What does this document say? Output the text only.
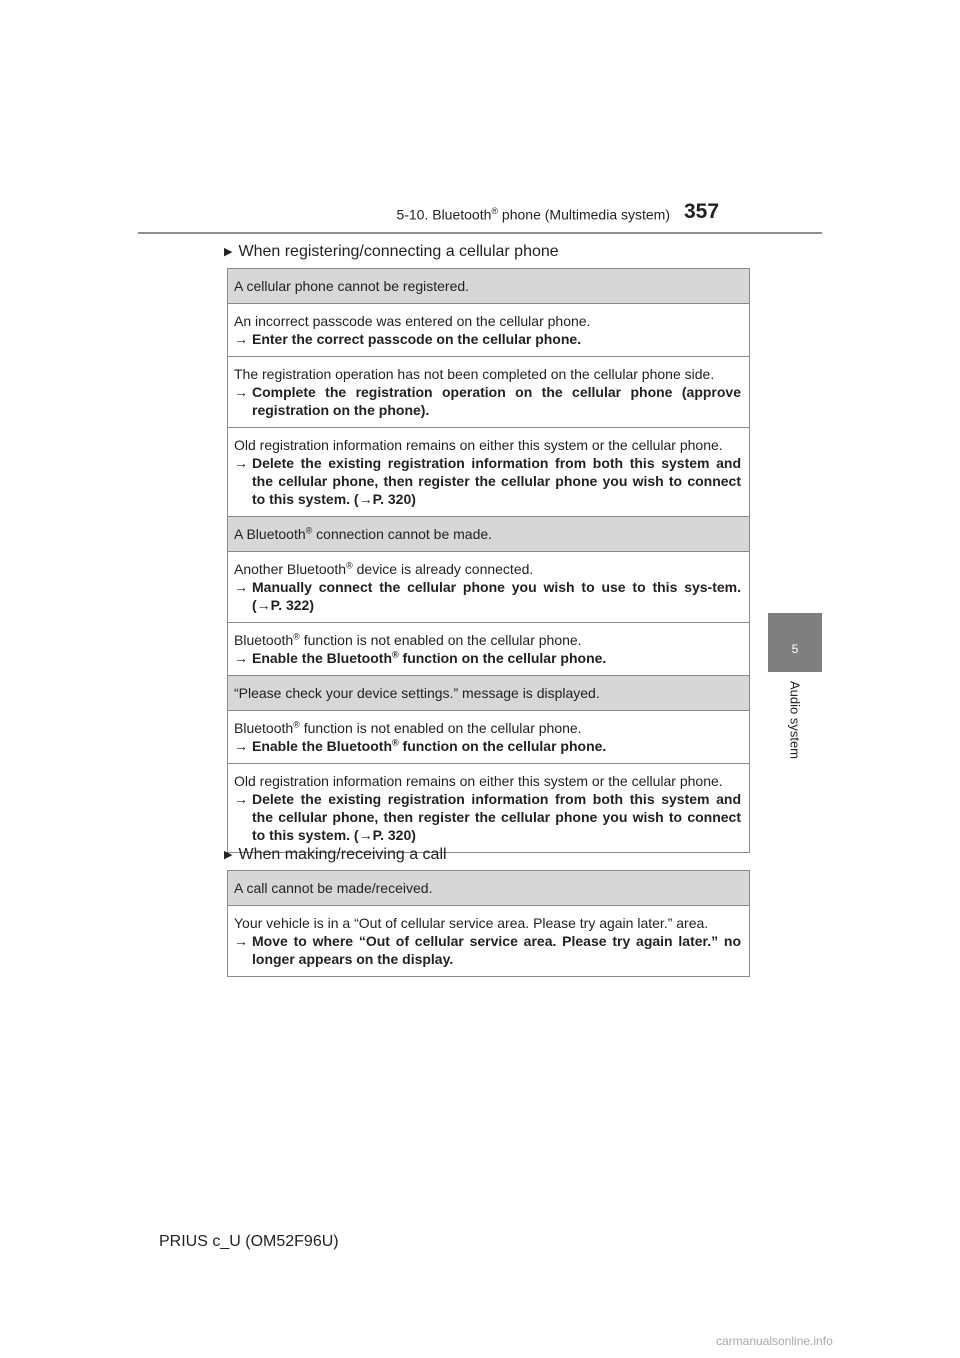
5-10. Bluetooth® phone (Multimedia system) 357
5
Audio system
▶ When registering/connecting a cellular phone
A cellular phone cannot be registered.
An incorrect passcode was entered on the cellular phone.
→ Enter the correct passcode on the cellular phone.
The registration operation has not been completed on the cellular phone side.
→ Complete the registration operation on the cellular phone (approve registration on the phone).
Old registration information remains on either this system or the cellular phone.
→ Delete the existing registration information from both this system and the cellular phone, then register the cellular phone you wish to connect to this system. (→P. 320)
A Bluetooth® connection cannot be made.
Another Bluetooth® device is already connected.
→ Manually connect the cellular phone you wish to use to this sys-tem. (→P. 322)
Bluetooth® function is not enabled on the cellular phone.
→ Enable the Bluetooth® function on the cellular phone.
“Please check your device settings.” message is displayed.
Bluetooth® function is not enabled on the cellular phone.
→ Enable the Bluetooth® function on the cellular phone.
Old registration information remains on either this system or the cellular phone.
→ Delete the existing registration information from both this system and the cellular phone, then register the cellular phone you wish to connect to this system. (→P. 320)
▶ When making/receiving a call
A call cannot be made/received.
Your vehicle is in a “Out of cellular service area. Please try again later.” area.
→ Move to where “Out of cellular service area. Please try again later.” no longer appears on the display.
PRIUS c_U (OM52F96U)
carmanualsonline.info
